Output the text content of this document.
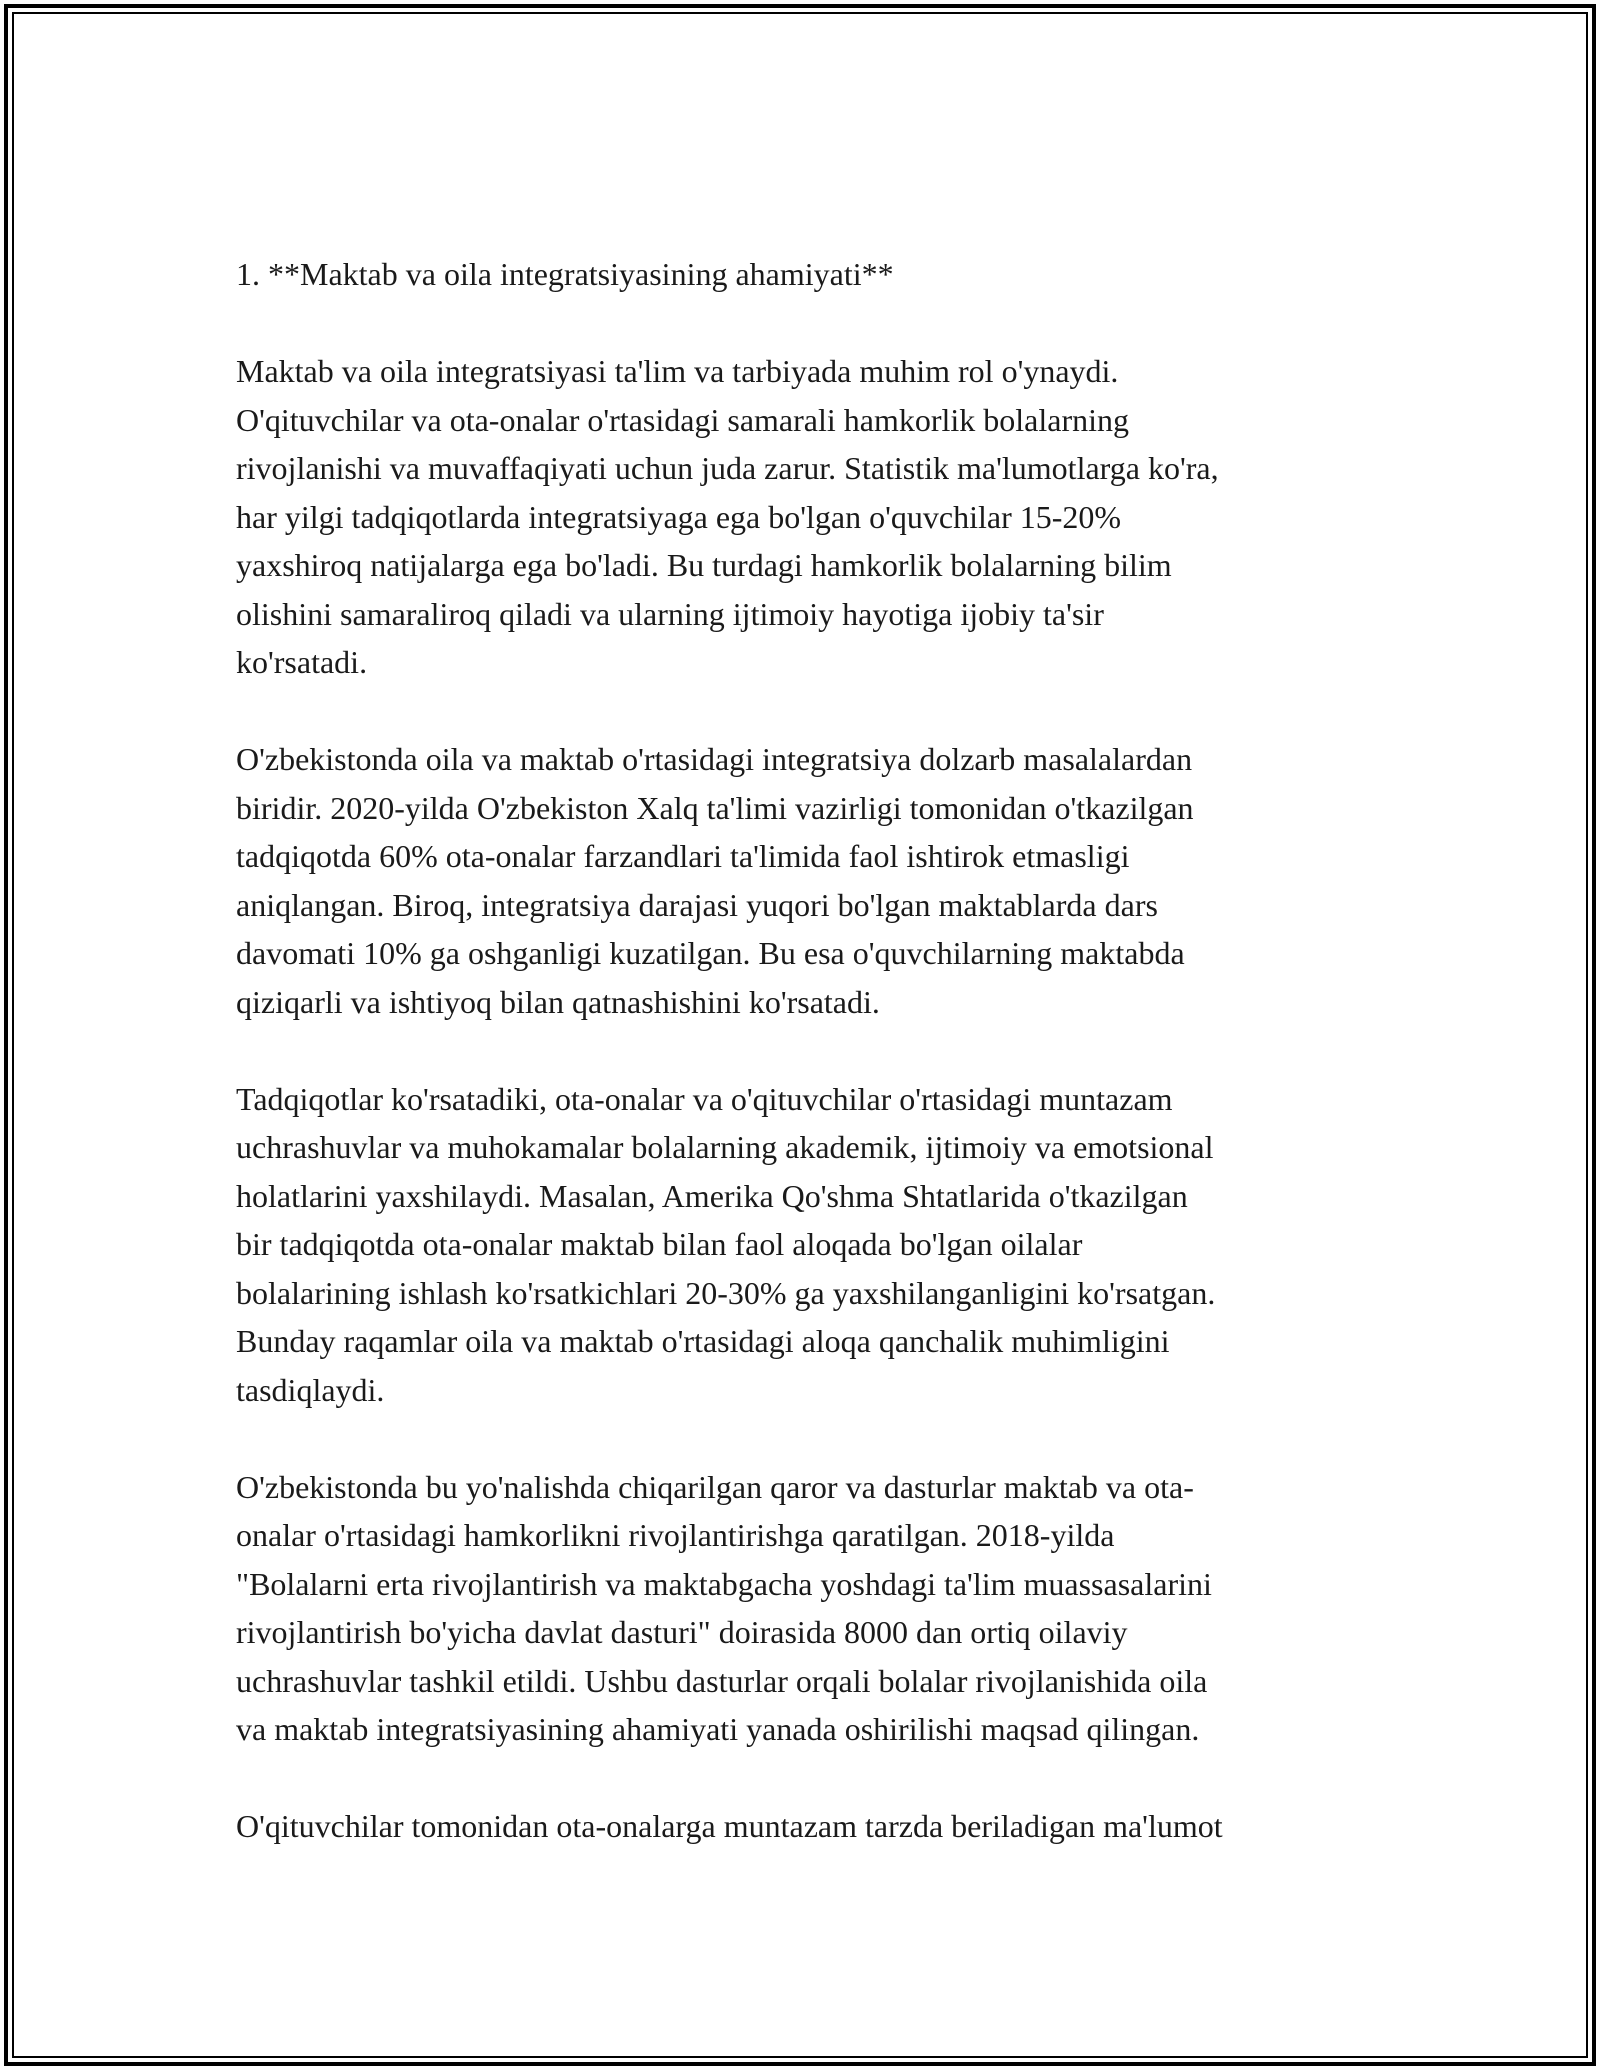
1. **Maktab va oila integratsiyasining ahamiyati**
Maktab va oila integratsiyasi ta'lim va tarbiyada muhim rol o'ynaydi.
O'qituvchilar va ota-onalar o'rtasidagi samarali hamkorlik bolalarning
rivojlanishi va muvaffaqiyati uchun juda zarur. Statistik ma'lumotlarga ko'ra,
har yilgi tadqiqotlarda integratsiyaga ega bo'lgan o'quvchilar 15-20%
yaxshiroq natijalarga ega bo'ladi. Bu turdagi hamkorlik bolalarning bilim
olishini samaraliroq qiladi va ularning ijtimoiy hayotiga ijobiy ta'sir
ko'rsatadi.
O'zbekistonda oila va maktab o'rtasidagi integratsiya dolzarb masalalardan
biridir. 2020-yilda O'zbekiston Xalq ta'limi vazirligi tomonidan o'tkazilgan
tadqiqotda 60% ota-onalar farzandlari ta'limida faol ishtirok etmasligi
aniqlangan. Biroq, integratsiya darajasi yuqori bo'lgan maktablarda dars
davomati 10% ga oshganligi kuzatilgan. Bu esa o'quvchilarning maktabda
qiziqarli va ishtiyoq bilan qatnashishini ko'rsatadi.
Tadqiqotlar ko'rsatadiki, ota-onalar va o'qituvchilar o'rtasidagi muntazam
uchrashuvlar va muhokamalar bolalarning akademik, ijtimoiy va emotsional
holatlarini yaxshilaydi. Masalan, Amerika Qo'shma Shtatlarida o'tkazilgan
bir tadqiqotda ota-onalar maktab bilan faol aloqada bo'lgan oilalar
bolalarining ishlash ko'rsatkichlari 20-30% ga yaxshilanganligini ko'rsatgan.
Bunday raqamlar oila va maktab o'rtasidagi aloqa qanchalik muhimligini
tasdiqlaydi.
O'zbekistonda bu yo'nalishda chiqarilgan qaror va dasturlar maktab va ota-
onalar o'rtasidagi hamkorlikni rivojlantirishga qaratilgan. 2018-yilda
"Bolalarni erta rivojlantirish va maktabgacha yoshdagi ta'lim muassasalarini
rivojlantirish bo'yicha davlat dasturi" doirasida 8000 dan ortiq oilaviy
uchrashuvlar tashkil etildi. Ushbu dasturlar orqali bolalar rivojlanishida oila
va maktab integratsiyasining ahamiyati yanada oshirilishi maqsad qilingan.
O'qituvchilar tomonidan ota-onalarga muntazam tarzda beriladigan ma'lumot
